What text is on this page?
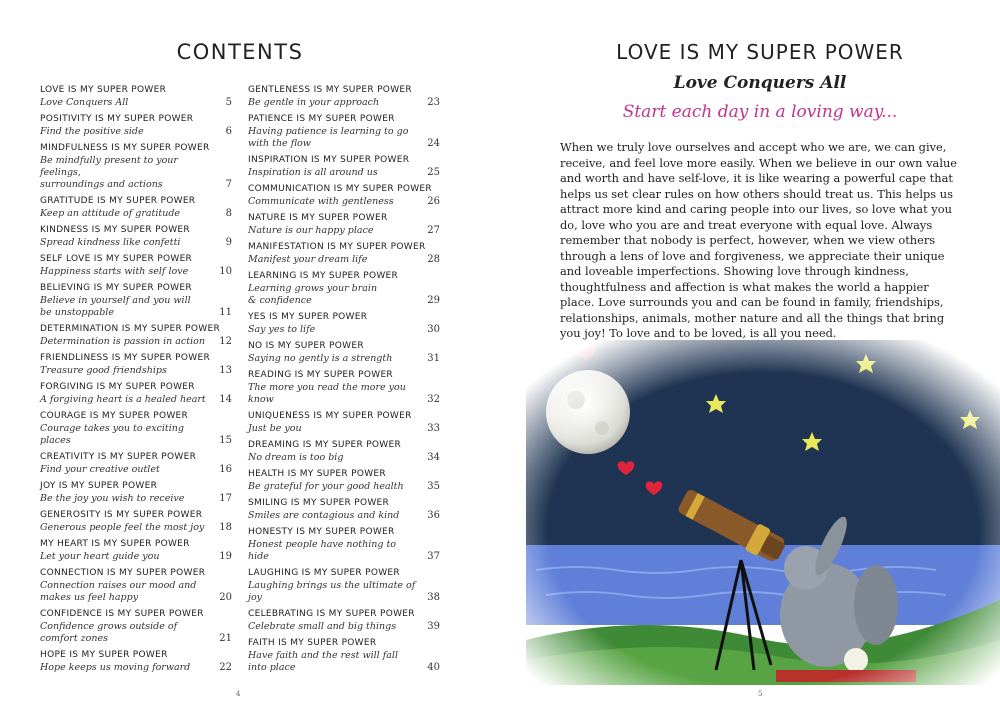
CONTENTS
LOVE IS MY SUPER POWER
Love Conquers All	5
POSITIVITY IS MY SUPER POWER
Find the positive side	6
MINDFULNESS IS MY SUPER POWER
Be mindfully present to your feelings,
surroundings and actions	7
GRATITUDE IS MY SUPER POWER
Keep an attitude of gratitude	8
KINDNESS IS MY SUPER POWER
Spread kindness like confetti	9
SELF LOVE IS MY SUPER POWER
Happiness starts with self love	10
BELIEVING IS MY SUPER POWER
Believe in yourself and you will
be unstoppable	11
DETERMINATION IS MY SUPER POWER
Determination is passion in action	12
FRIENDLINESS IS MY SUPER POWER
Treasure good friendships	13
FORGIVING IS MY SUPER POWER
A forgiving heart is a healed heart	14
COURAGE IS MY SUPER POWER
Courage takes you to exciting places	15
CREATIVITY IS MY SUPER POWER
Find your creative outlet	16
JOY IS MY SUPER POWER
Be the joy you wish to receive	17
GENEROSITY IS MY SUPER POWER
Generous people feel the most joy	18
MY HEART IS MY SUPER POWER
Let your heart guide you	19
CONNECTION IS MY SUPER POWER
Connection raises our mood and
makes us feel happy	20
CONFIDENCE IS MY SUPER POWER
Confidence grows outside of
comfort zones	21
HOPE IS MY SUPER POWER
Hope keeps us moving forward	22
GENTLENESS IS MY SUPER POWER
Be gentle in your approach	23
PATIENCE IS MY SUPER POWER
Having patience is learning to go
with the flow	24
INSPIRATION IS MY SUPER POWER
Inspiration is all around us	25
COMMUNICATION IS MY SUPER POWER
Communicate with gentleness	26
NATURE IS MY SUPER POWER
Nature is our happy place	27
MANIFESTATION IS MY SUPER POWER
Manifest your dream life	28
LEARNING IS MY SUPER POWER
Learning grows your brain
& confidence	29
YES IS MY SUPER POWER
Say yes to life	30
NO IS MY SUPER POWER
Saying no gently is a strength	31
READING IS MY SUPER POWER
The more you read the more you know	32
UNIQUENESS IS MY SUPER POWER
Just be you	33
DREAMING IS MY SUPER POWER
No dream is too big	34
HEALTH IS MY SUPER POWER
Be grateful for your good health	35
SMILING IS MY SUPER POWER
Smiles are contagious and kind	36
HONESTY IS MY SUPER POWER
Honest people have nothing to hide	37
LAUGHING IS MY SUPER POWER
Laughing brings us the ultimate of joy	38
CELEBRATING IS MY SUPER POWER
Celebrate small and big things	39
FAITH IS MY SUPER POWER
Have faith and the rest will fall
into place	40
4
LOVE IS MY SUPER POWER
Love Conquers All
Start each day in a loving way...
When we truly love ourselves and accept who we are, we can give, receive, and feel love more easily. When we believe in our own value and worth and have self-love, it is like wearing a powerful cape that helps us set clear rules on how others should treat us. This helps us attract more kind and caring people into our lives, so love what you do, love who you are and treat everyone with equal love. Always remember that nobody is perfect, however, when we view others through a lens of love and forgiveness, we appreciate their unique and loveable imperfections. Showing love through kindness, thoughtfulness and affection is what makes the world a happier place. Love surrounds you and can be found in family, friendships, relationships, animals, mother nature and all the things that bring you joy! To love and to be loved, is all you need.
5
